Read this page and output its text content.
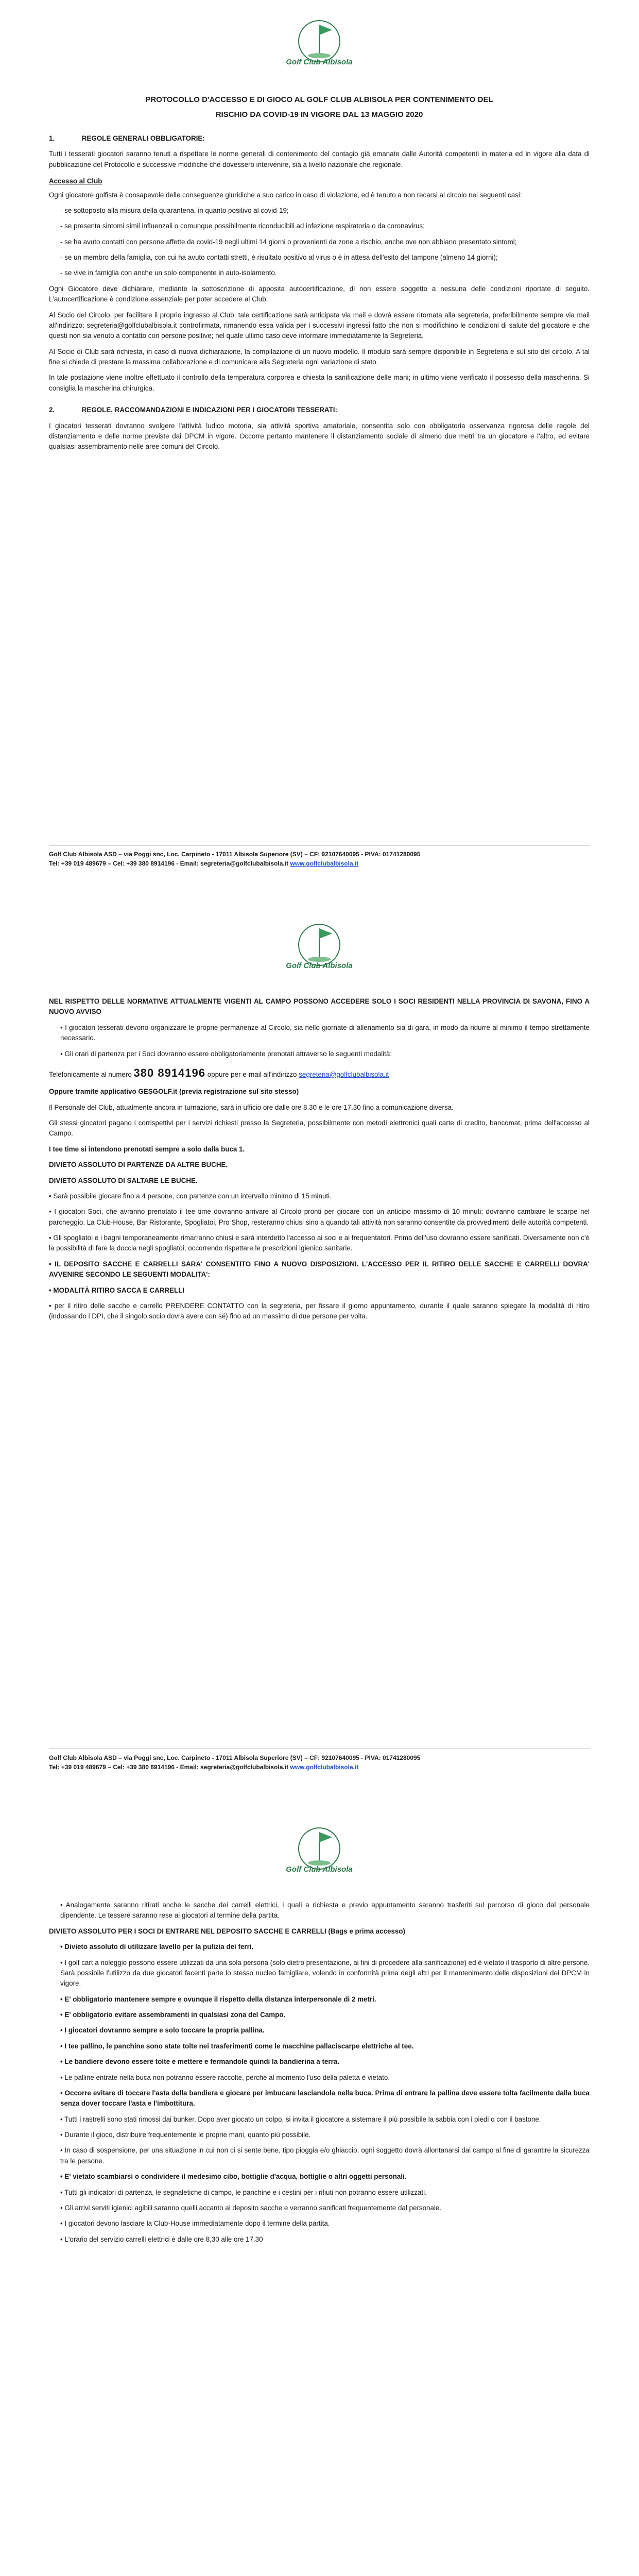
Golf Club Albisola
PROTOCOLLO D'ACCESSO E DI GIOCO AL GOLF CLUB ALBISOLA PER CONTENIMENTO DEL
RISCHIO DA COVID-19 IN VIGORE DAL 13 MAGGIO 2020
1.	REGOLE GENERALI OBBLIGATORIE:

Tutti i tesserati giocatori saranno tenuti a rispettare le norme generali di contenimento del contagio già emanate dalle Autorità competenti in materia ed in vigore alla data di pubblicazione del Protocollo e successive modifiche che dovessero intervenire, sia a livello nazionale che regionale.

Accesso al Club

Ogni giocatore golfista è consapevole delle conseguenze giuridiche a suo carico in caso di violazione, ed è tenuto a non recarsi al circolo nei seguenti casi:

- se sottoposto alla misura della quarantena, in quanto positivo al covid-19;

- se presenta sintomi simil influenzali o comunque possibilmente riconducibili ad infezione respiratoria o da coronavirus;

- se ha avuto contatti con persone affette da covid-19 negli ultimi 14 giorni o provenienti da zone a rischio, anche ove non abbiano presentato sintomi;

- se un membro della famiglia, con cui ha avuto contatti stretti, è risultato positivo al virus o è in attesa dell'esito del tampone (almeno 14 giorni);

- se vive in famiglia con anche un solo componente in auto-isolamento.

Ogni Giocatore deve dichiarare, mediante la sottoscrizione di apposita autocertificazione, di non essere soggetto a nessuna delle condizioni riportate di seguito. L'autocertificazione è condizione essenziale per poter accedere al Club.

Al Socio del Circolo, per facilitare il proprio ingresso al Club, tale certificazione sarà anticipata via mail e dovrà essere ritornata alla segreteria, preferibilmente sempre via mail all'indirizzo: segreteria@golfclubalbisola.it controfirmata, rimanendo essa valida per i successivi ingressi fatto che non si modifichino le condizioni di salute del giocatore e che questi non sia venuto a contatto con persone positive; nel quale ultimo caso deve informare immediatamente la Segreteria.

Al Socio di Club sarà richiesta, in caso di nuova dichiarazione, la compilazione di un nuovo modello. Il modulo sarà sempre disponibile in Segreteria e sul sito del circolo. A tal fine si chiede di prestare la massima collaborazione e di comunicare alla Segreteria ogni variazione di stato.

In tale postazione viene inoltre effettuato il controllo della temperatura corporea e chiesta la sanificazione delle mani; in ultimo viene verificato il possesso della mascherina. Si consiglia la mascherina chirurgica.

2.	REGOLE, RACCOMANDAZIONI E INDICAZIONI PER I GIOCATORI TESSERATI:

I giocatori tesserati dovranno svolgere l'attività ludico motoria, sia attività sportiva amatoriale, consentita solo con obbligatoria osservanza rigorosa delle regole del distanziamento e delle norme previste dai DPCM in vigore. Occorre pertanto mantenere il distanziamento sociale di almeno due metri tra un giocatore e l'altro, ed evitare qualsiasi assembramento nelle aree comuni del Circolo.

Golf Club Albisola ASD – via Poggi snc, Loc. Carpineto - 17011 Albisola Superiore (SV) – CF: 92107640095 - PIVA: 01741280095
Tel: +39 019 489679 – Cel: +39 380 8914196 - Email: segreteria@golfclubalbisola.it www.golfclubalbisola.it
Golf Club Albisola

NEL RISPETTO DELLE NORMATIVE ATTUALMENTE VIGENTI AL CAMPO POSSONO ACCEDERE SOLO I SOCI RESIDENTI NELLA PROVINCIA DI SAVONA, FINO A NUOVO AVVISO

• I giocatori tesserati devono organizzare le proprie permanenze al Circolo, sia nello giornate di allenamento sia di gara, in modo da ridurre al minimo il tempo strettamente necessario.

• Gli orari di partenza per i Soci dovranno essere obbligatoriamente prenotati attraverso le seguenti modalità:

Telefonicamente al numero 380 8914196 oppure per e-mail all'indirizzo segreteria@golfclubalbisola.it

Oppure tramite applicativo GESGOLF.it (previa registrazione sul sito stesso)

Il Personale del Club, attualmente ancora in turnazione, sarà in ufficio ore dalle ore 8.30 e le ore 17.30 fino a comunicazione diversa.

Gli stessi giocatori pagano i corrispettivi per i servizi richiesti presso la Segreteria, possibilmente con metodi elettronici quali carte di credito, bancomat, prima dell'accesso al Campo.

I tee time si intendono prenotati sempre a solo dalla buca 1.

DIVIETO ASSOLUTO DI PARTENZE DA ALTRE BUCHE.

DIVIETO ASSOLUTO DI SALTARE LE BUCHE.

• Sarà possibile giocare fino a 4 persone, con partenze con un intervallo minimo di 15 minuti.

• I giocatori Soci, che avranno prenotato il tee time dovranno arrivare al Circolo pronti per giocare con un anticipo massimo di 10 minuti; dovranno cambiare le scarpe nel parcheggio. La Club-House, Bar Ristorante, Spogliatoi, Pro Shop, resteranno chiusi sino a quando tali attività non saranno consentite da provvedimenti delle autorità competenti.

• Gli spogliatoi e i bagni temporaneamente rimarranno chiusi e sarà interdetto l'accesso ai soci e ai frequentatori. Prima dell'uso dovranno essere sanificati. Diversamente non c'è la possibilità di fare la doccia negli spogliatoi, occorrendo rispettare le prescrizioni igienico sanitarie.

• IL DEPOSITO SACCHE E CARRELLI SARA' CONSENTITO FINO A NUOVO DISPOSIZIONI. L'ACCESSO PER IL RITIRO DELLE SACCHE E CARRELLI DOVRA' AVVENIRE SECONDO LE SEGUENTI MODALITA':

• MODALITÀ RITIRO SACCA E CARRELLI

• per il ritiro delle sacche e carrello PRENDERE CONTATTO con la segreteria, per fissare il giorno appuntamento, durante il quale saranno spiegate la modalità di ritiro (indossando i DPI, che il singolo socio dovrà avere con sé) fino ad un massimo di due persone per volta.

Golf Club Albisola ASD – via Poggi snc, Loc. Carpineto - 17011 Albisola Superiore (SV) – CF: 92107640095 - PIVA: 01741280095
Tel: +39 019 489679 – Cel: +39 380 8914196 - Email: segreteria@golfclubalbisola.it www.golfclubalbisola.it
Golf Club Albisola

• Analogamente saranno ritirati anche le sacche dei carrelli elettrici, i quali a richiesta e previo appuntamento saranno trasferiti sul percorso di gioco dal personale dipendente. Le tessere saranno rese ai giocatori al termine della partita.

DIVIETO ASSOLUTO PER I SOCI DI ENTRARE NEL DEPOSITO SACCHE E CARRELLI (Bags e prima accesso)

• Divieto assoluto di utilizzare lavello per la pulizia dei ferri.

• I golf cart a noleggio possono essere utilizzati da una sola persona (solo dietro presentazione, ai fini di procedere alla sanificazione) ed è vietato il trasporto di altre persone. Sarà possibile l'utilizzo da due giocatori facenti parte lo stesso nucleo famigliare, volendo in conformità prima degli altri per il mantenimento delle disposizioni dei DPCM in vigore.

• E' obbligatorio mantenere sempre e ovunque il rispetto della distanza interpersonale di 2 metri.

• E' obbligatorio evitare assembramenti in qualsiasi zona del Campo.

• I giocatori dovranno sempre e solo toccare la propria pallina.

• I tee pallino, le panchine sono state tolte nei trasferimenti come le macchine pallaciscarpe elettriche al tee.

• Le bandiere devono essere tolte e mettere e fermandole quindi la bandierina a terra.

• Le palline entrate nella buca non potranno essere raccolte, perché al momento l'uso della paletta è vietato.

• Occorre evitare di toccare l'asta della bandiera e giocare per imbucare lasciandola nella buca. Prima di entrare la pallina deve essere tolta facilmente dalla buca senza dover toccare l'asta e l'imbottitura.

• Tutti i rastrelli sono stati rimossi dai bunker. Dopo aver giocato un colpo, si invita il giocatore a sistemare il più possibile la sabbia con i piedi o con il bastone.

• Durante il gioco, distribuire frequentemente le proprie mani, quanto più possibile.

• In caso di sospensione, per una situazione in cui non ci si sente bene, tipo pioggia e/o ghiaccio, ogni soggetto dovrà allontanarsi dal campo al fine di garantire la sicurezza tra le persone.

• E' vietato scambiarsi o condividere il medesimo cibo, bottiglie d'acqua, bottiglie o altri oggetti personali.

• Tutti gli indicatori di partenza, le segnaletiche di campo, le panchine e i cestini per i rifiuti non potranno essere utilizzati.

• Gli arrivi serviti igienici agibili saranno quelli accanto al deposito sacche e verranno sanificati frequentemente dal personale.

• I giocatori devono lasciare la Club-House immediatamente dopo il termine della partita.

• L'orario del servizio carrelli elettrici è dalle ore 8,30 alle ore 17.30
